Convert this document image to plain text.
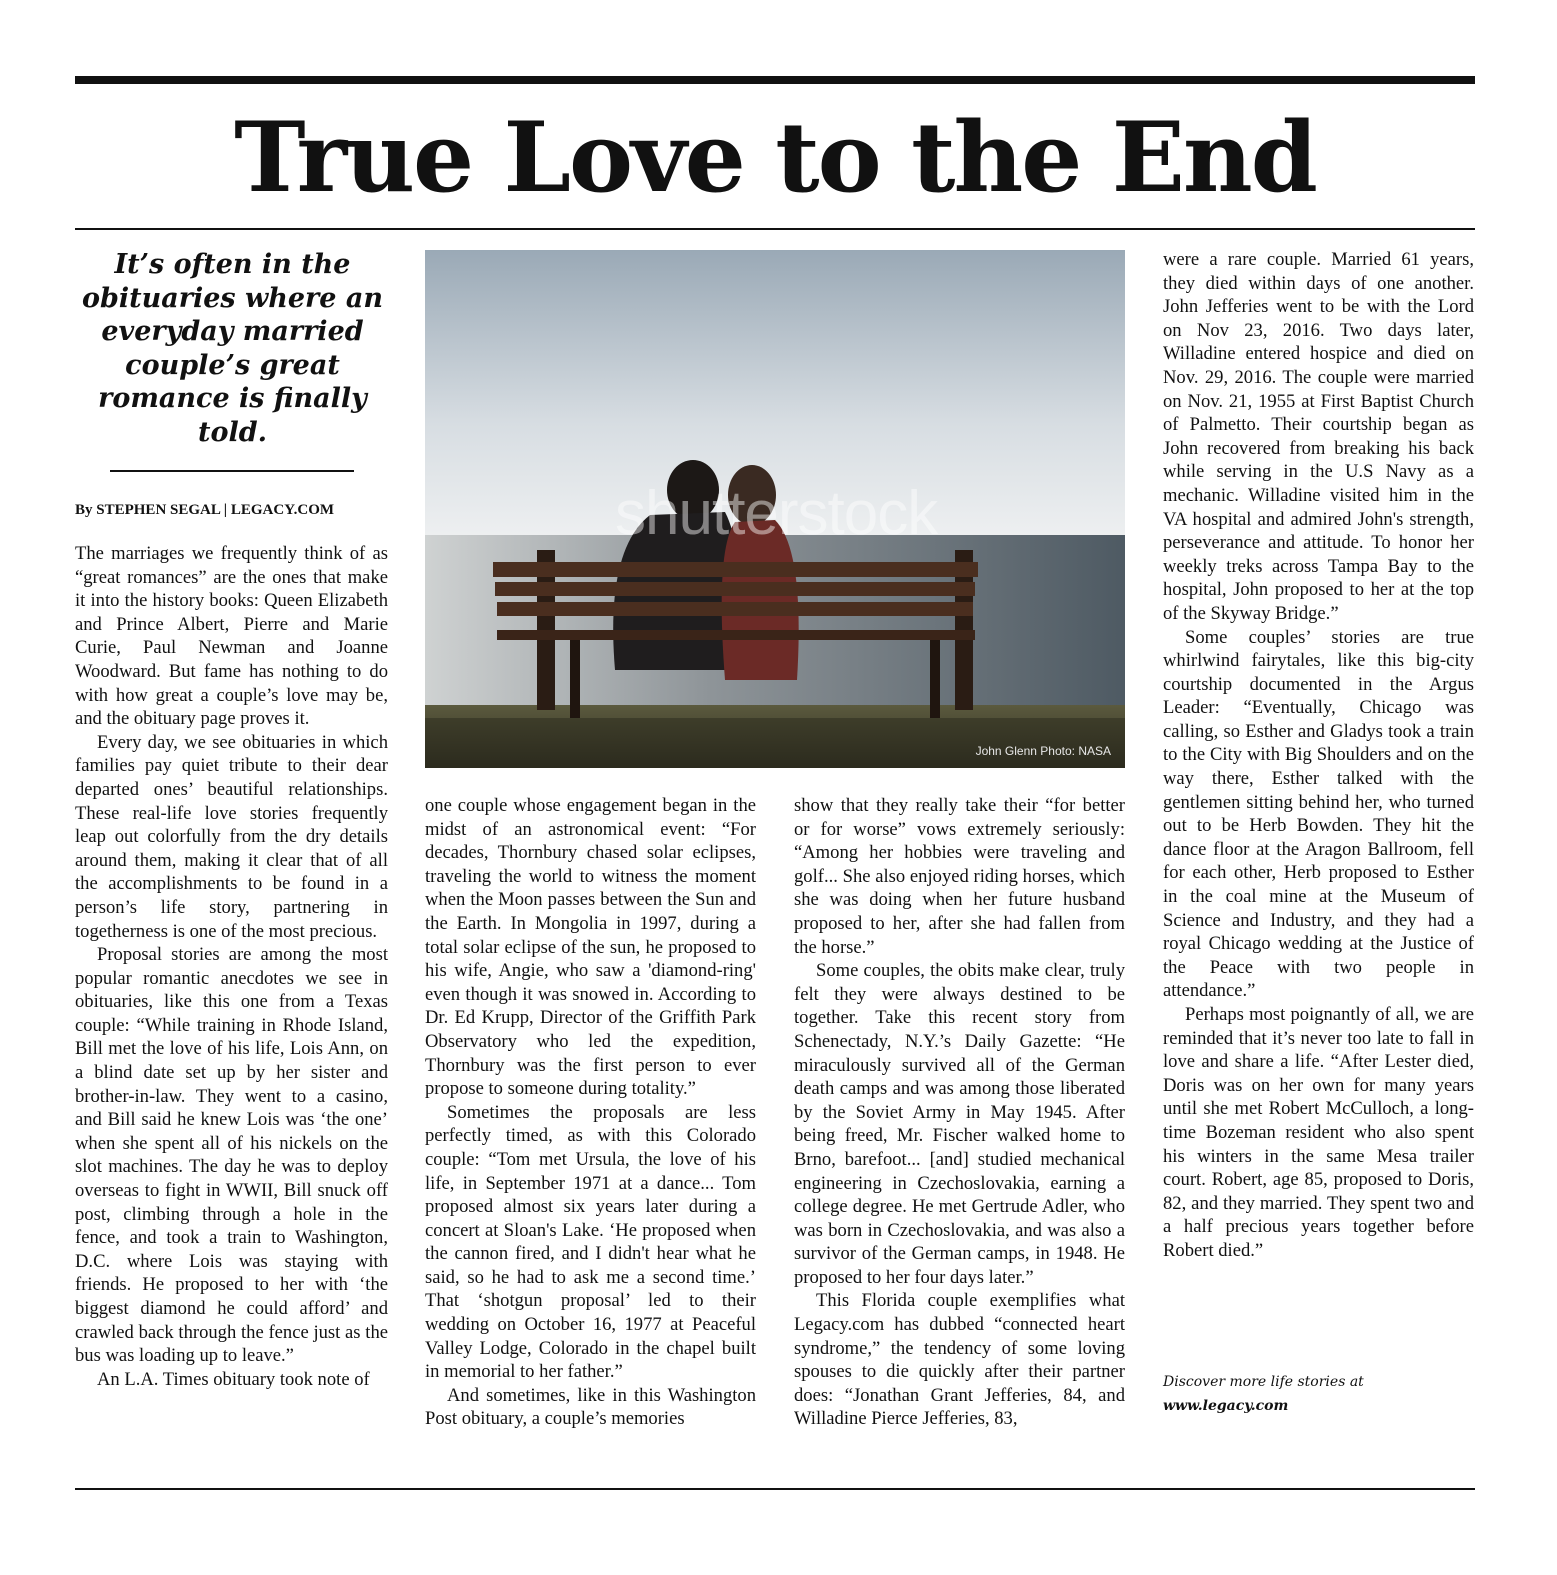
True Love to the End
It’s often in the obituaries where an everyday married couple’s great romance is finally told.
By STEPHEN SEGAL | LEGACY.COM

The marriages we frequently think of as “great romances” are the ones that make it into the history books: Queen Elizabeth and Prince Albert, Pierre and Marie Curie, Paul Newman and Joanne Woodward. But fame has nothing to do with how great a couple’s love may be, and the obituary page proves it.

Every day, we see obituaries in which families pay quiet tribute to their dear departed ones’ beautiful relationships. These real-life love stories frequently leap out colorfully from the dry details around them, making it clear that of all the accomplishments to be found in a person’s life story, partnering in togetherness is one of the most precious.

Proposal stories are among the most popular romantic anecdotes we see in obituaries, like this one from a Texas couple: “While training in Rhode Island, Bill met the love of his life, Lois Ann, on a blind date set up by her sister and brother-in-law. They went to a casino, and Bill said he knew Lois was ‘the one’ when she spent all of his nickels on the slot machines. The day he was to deploy overseas to fight in WWII, Bill snuck off post, climbing through a hole in the fence, and took a train to Washington, D.C. where Lois was staying with friends. He proposed to her with ‘the biggest diamond he could afford’ and crawled back through the fence just as the bus was loading up to leave.”

An L.A. Times obituary took note of

shutterstock
John Glenn Photo: NASA

one couple whose engagement began in the midst of an astronomical event: “For decades, Thornbury chased solar eclipses, traveling the world to witness the moment when the Moon passes between the Sun and the Earth. In Mongolia in 1997, during a total solar eclipse of the sun, he proposed to his wife, Angie, who saw a 'diamond-ring' even though it was snowed in. According to Dr. Ed Krupp, Director of the Griffith Park Observatory who led the expedition, Thornbury was the first person to ever propose to someone during totality.”

Sometimes the proposals are less perfectly timed, as with this Colorado couple: “Tom met Ursula, the love of his life, in September 1971 at a dance... Tom proposed almost six years later during a concert at Sloan's Lake. ‘He proposed when the cannon fired, and I didn't hear what he said, so he had to ask me a second time.’ That ‘shotgun proposal’ led to their wedding on October 16, 1977 at Peaceful Valley Lodge, Colorado in the chapel built in memorial to her father.”

And sometimes, like in this Washington Post obituary, a couple’s memories

show that they really take their “for better or for worse” vows extremely seriously: “Among her hobbies were traveling and golf... She also enjoyed riding horses, which she was doing when her future husband proposed to her, after she had fallen from the horse.”

Some couples, the obits make clear, truly felt they were always destined to be together. Take this recent story from Schenectady, N.Y.’s Daily Gazette: “He miraculously survived all of the German death camps and was among those liberated by the Soviet Army in May 1945. After being freed, Mr. Fischer walked home to Brno, barefoot... [and] studied mechanical engineering in Czechoslovakia, earning a college degree. He met Gertrude Adler, who was born in Czechoslovakia, and was also a survivor of the German camps, in 1948. He proposed to her four days later.”

This Florida couple exemplifies what Legacy.com has dubbed “connected heart syndrome,” the tendency of some loving spouses to die quickly after their partner does: “Jonathan Grant Jefferies, 84, and Willadine Pierce Jefferies, 83,

were a rare couple. Married 61 years, they died within days of one another. John Jefferies went to be with the Lord on Nov 23, 2016. Two days later, Willadine entered hospice and died on Nov. 29, 2016. The couple were married on Nov. 21, 1955 at First Baptist Church of Palmetto. Their courtship began as John recovered from breaking his back while serving in the U.S Navy as a mechanic. Willadine visited him in the VA hospital and admired John's strength, perseverance and attitude. To honor her weekly treks across Tampa Bay to the hospital, John proposed to her at the top of the Skyway Bridge.”

Some couples’ stories are true whirlwind fairytales, like this big-city courtship documented in the Argus Leader: “Eventually, Chicago was calling, so Esther and Gladys took a train to the City with Big Shoulders and on the way there, Esther talked with the gentlemen sitting behind her, who turned out to be Herb Bowden. They hit the dance floor at the Aragon Ballroom, fell for each other, Herb proposed to Esther in the coal mine at the Museum of Science and Industry, and they had a royal Chicago wedding at the Justice of the Peace with two people in attendance.”

Perhaps most poignantly of all, we are reminded that it’s never too late to fall in love and share a life. “After Lester died, Doris was on her own for many years until she met Robert McCulloch, a long-time Bozeman resident who also spent his winters in the same Mesa trailer court. Robert, age 85, proposed to Doris, 82, and they married. They spent two and a half precious years together before Robert died.”

Discover more life stories at
www.legacy.com
